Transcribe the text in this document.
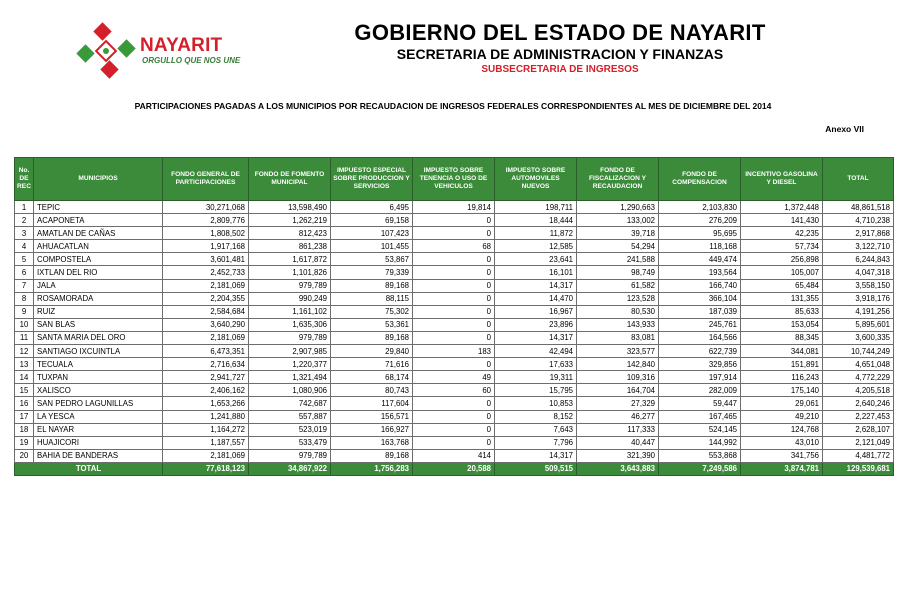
NAYARIT
ORGULLO QUE NOS UNE
GOBIERNO DEL ESTADO DE NAYARIT
SECRETARIA DE ADMINISTRACION Y FINANZAS
SUBSECRETARIA DE INGRESOS
PARTICIPACIONES PAGADAS A LOS MUNICIPIOS POR RECAUDACION DE INGRESOS FEDERALES CORRESPONDIENTES AL MES DE DICIEMBRE DEL 2014
Anexo VII
No. DE REC	MUNICIPIOS	FONDO GENERAL DE PARTICIPACIONES	FONDO DE FOMENTO MUNICIPAL	IMPUESTO ESPECIAL SOBRE PRODUCCION Y SERVICIOS	IMPUESTO SOBRE TENENCIA O USO DE VEHICULOS	IMPUESTO SOBRE AUTOMOVILES NUEVOS	FONDO DE FISCALIZACION Y RECAUDACION	FONDO DE COMPENSACION	INCENTIVO GASOLINA Y DIESEL	TOTAL
1	TEPIC	30,271,068	13,598,490	6,495	19,814	198,711	1,290,663	2,103,830	1,372,448	48,861,518
2	ACAPONETA	2,809,776	1,262,219	69,158	0	18,444	133,002	276,209	141,430	4,710,238
3	AMATLAN DE CAÑAS	1,808,502	812,423	107,423	0	11,872	39,718	95,695	42,235	2,917,868
4	AHUACATLAN	1,917,168	861,238	101,455	68	12,585	54,294	118,168	57,734	3,122,710
5	COMPOSTELA	3,601,481	1,617,872	53,867	0	23,641	241,588	449,474	256,898	6,244,843
6	IXTLAN DEL RIO	2,452,733	1,101,826	79,339	0	16,101	98,749	193,564	105,007	4,047,318
7	JALA	2,181,069	979,789	89,168	0	14,317	61,582	166,740	65,484	3,558,150
8	ROSAMORADA	2,204,355	990,249	88,115	0	14,470	123,528	366,104	131,355	3,918,176
9	RUIZ	2,584,684	1,161,102	75,302	0	16,967	80,530	187,039	85,633	4,191,256
10	SAN BLAS	3,640,290	1,635,306	53,361	0	23,896	143,933	245,761	153,054	5,895,601
11	SANTA MARIA DEL ORO	2,181,069	979,789	89,168	0	14,317	83,081	164,566	88,345	3,600,335
12	SANTIAGO IXCUINTLA	6,473,351	2,907,985	29,840	183	42,494	323,577	622,739	344,081	10,744,249
13	TECUALA	2,716,634	1,220,377	71,616	0	17,633	142,840	329,856	151,891	4,651,048
14	TUXPAN	2,941,727	1,321,494	68,174	49	19,311	109,316	197,914	116,243	4,772,229
15	XALISCO	2,406,162	1,080,906	80,743	60	15,795	164,704	282,009	175,140	4,205,518
16	SAN PEDRO LAGUNILLAS	1,653,266	742,687	117,604	0	10,853	27,329	59,447	29,061	2,640,246
17	LA YESCA	1,241,880	557,887	156,571	0	8,152	46,277	167,465	49,210	2,227,453
18	EL NAYAR	1,164,272	523,019	166,927	0	7,643	117,333	524,145	124,768	2,628,107
19	HUAJICORI	1,187,557	533,479	163,768	0	7,796	40,447	144,992	43,010	2,121,049
20	BAHIA DE BANDERAS	2,181,069	979,789	89,168	414	14,317	321,390	553,868	341,756	4,481,772
TOTAL		77,618,123	34,867,922	1,756,283	20,588	509,515	3,643,883	7,249,586	3,874,781	129,539,681
